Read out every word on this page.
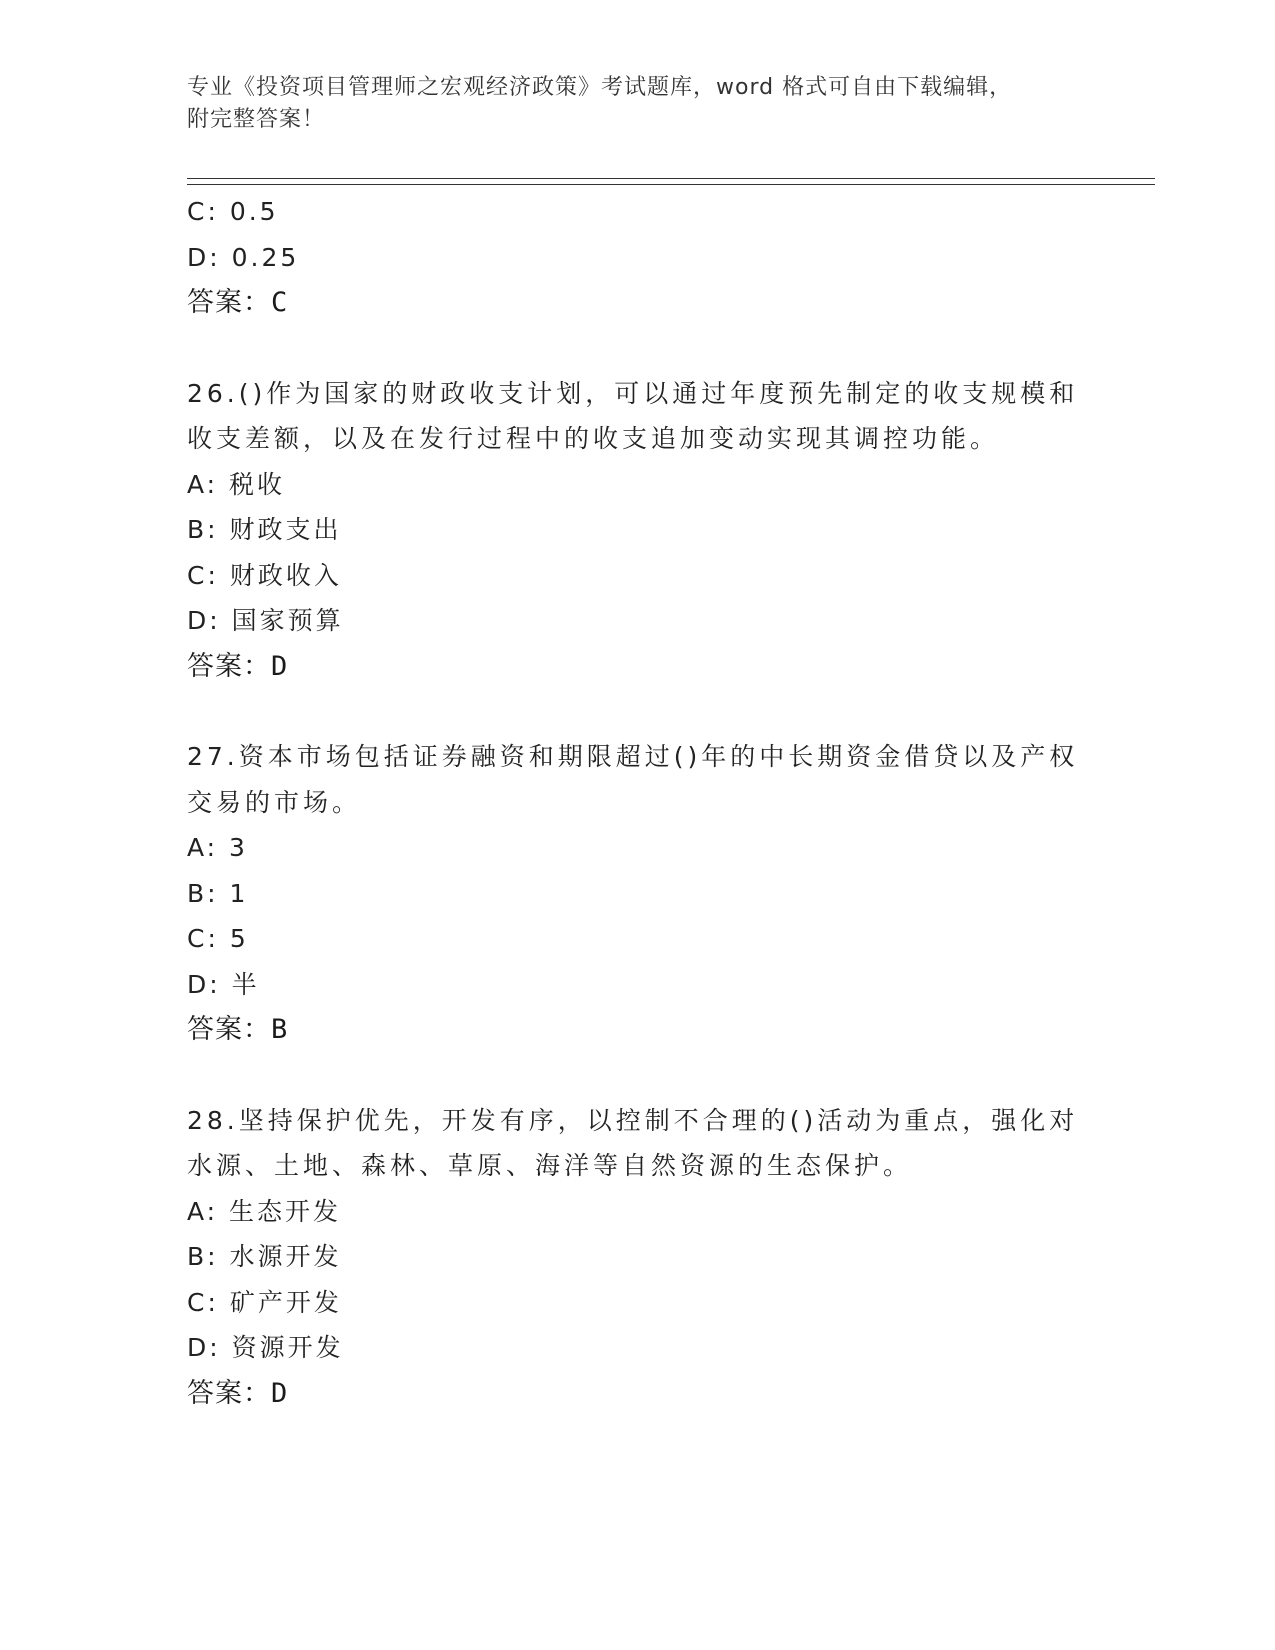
专业《投资项目管理师之宏观经济政策》考试题库，word 格式可自由下载编辑，
附完整答案！
C: 0.5
D: 0.25
答案：C
26.()作为国家的财政收支计划，可以通过年度预先制定的收支规模和收支差额，以及在发行过程中的收支追加变动实现其调控功能。
A: 税收
B: 财政支出
C: 财政收入
D: 国家预算
答案：D
27.资本市场包括证券融资和期限超过()年的中长期资金借贷以及产权交易的市场。
A: 3
B: 1
C: 5
D: 半
答案：B
28.坚持保护优先，开发有序，以控制不合理的()活动为重点，强化对水源、土地、森林、草原、海洋等自然资源的生态保护。
A: 生态开发
B: 水源开发
C: 矿产开发
D: 资源开发
答案：D
